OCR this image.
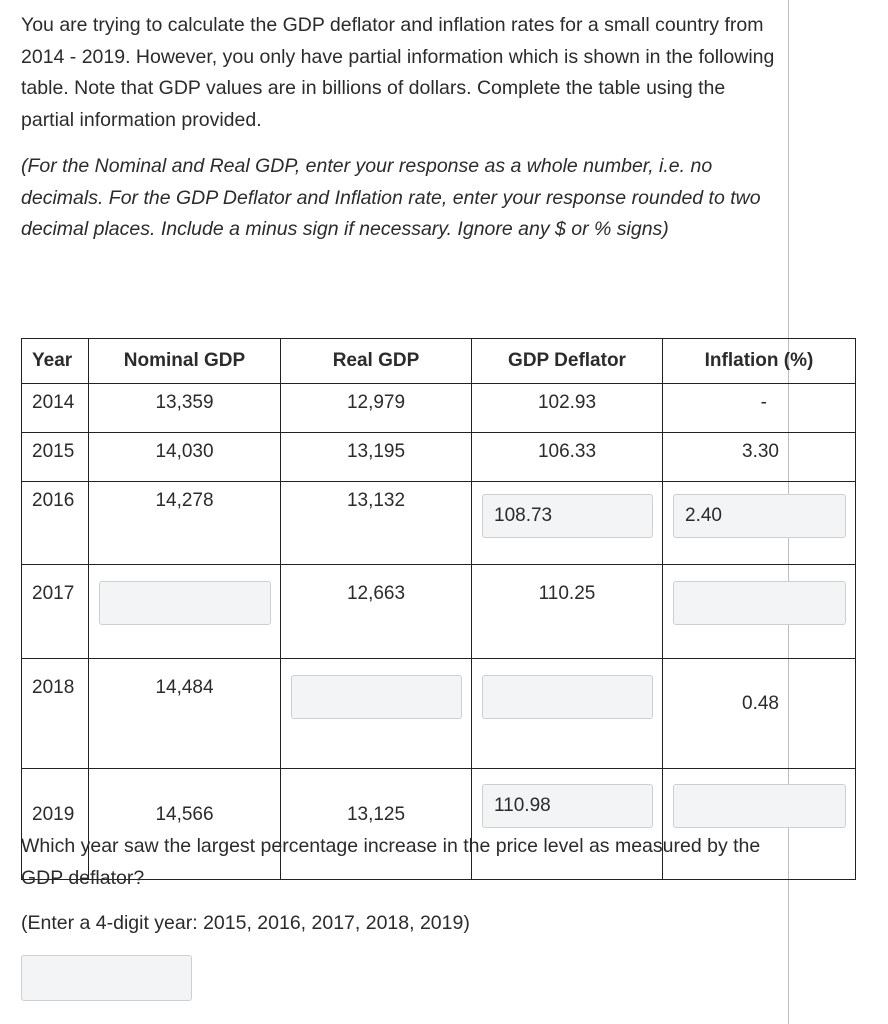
You are trying to calculate the GDP deflator and inflation rates for a small country from 2014 - 2019. However, you only have partial information which is shown in the following table. Note that GDP values are in billions of dollars. Complete the table using the partial information provided.

(For the Nominal and Real GDP, enter your response as a whole number, i.e. no decimals. For the GDP Deflator and Inflation rate, enter your response rounded to two decimal places. Include a minus sign if necessary. Ignore any $ or % signs)

Year	Nominal GDP	Real GDP	GDP Deflator	Inflation (%)
2014	13,359	12,979	102.93	-
2015	14,030	13,195	106.33	3.30
2016	14,278	13,132	108.73	2.40

2017		12,663	110.25	

2018	14,484			0.48
2019	14,566	13,125	110.98	

Which year saw the largest percentage increase in the price level as measured by the GDP deflator?

(Enter a 4-digit year: 2015, 2016, 2017, 2018, 2019)
